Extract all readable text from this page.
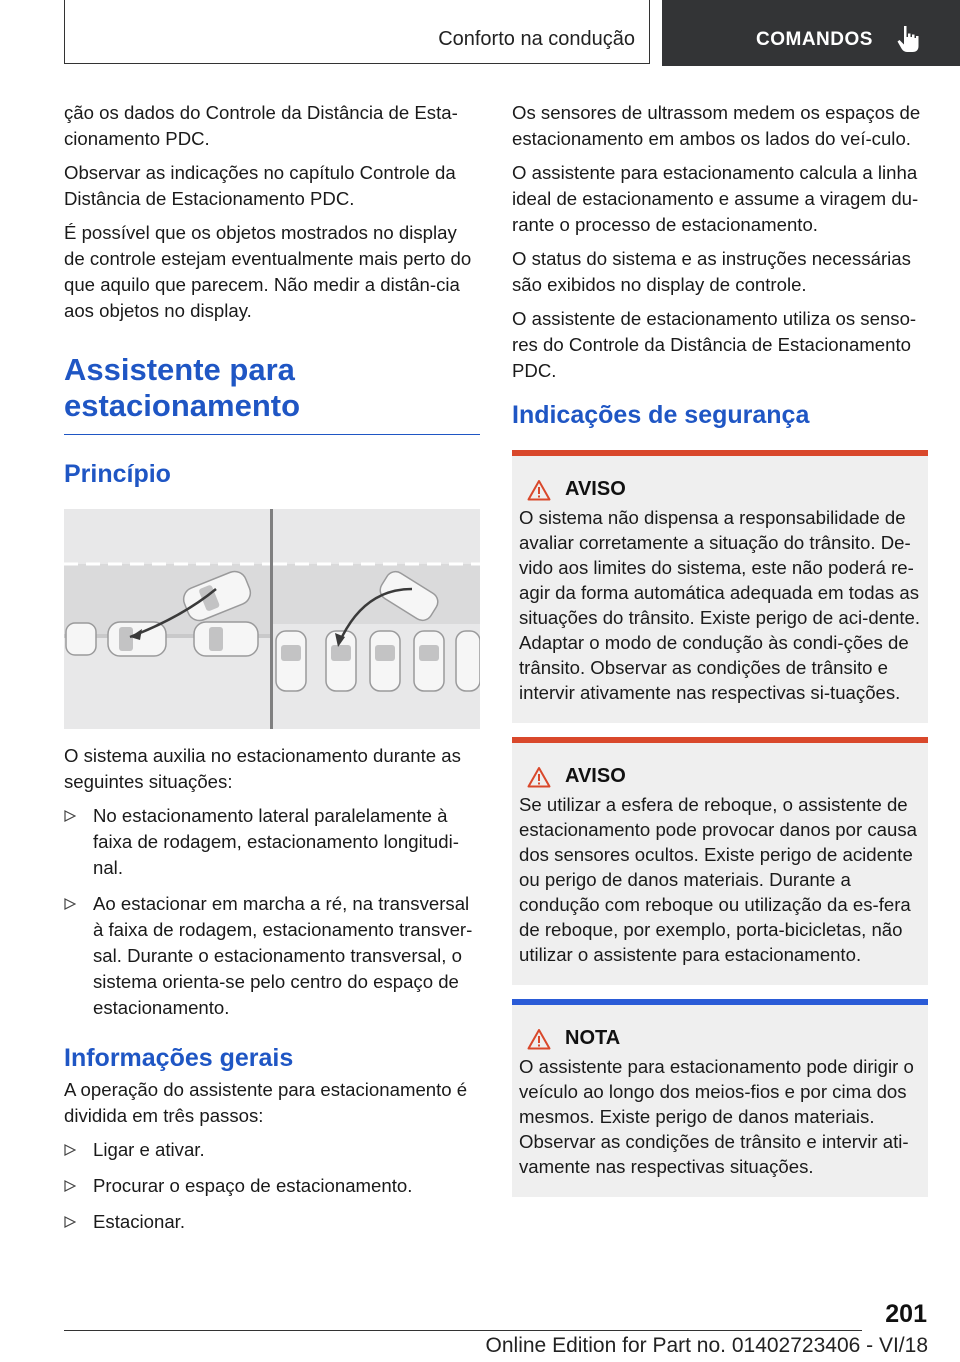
Conforto na condução	COMANDOS

ção os dados do Controle da Distância de Esta‐cionamento PDC.

Observar as indicações no capítulo Controle da Distância de Estacionamento PDC.

É possível que os objetos mostrados no display de controle estejam eventualmente mais perto do que aquilo que parecem. Não medir a distân‐cia aos objetos no display.

Assistente para estacionamento
Princípio

O sistema auxilia no estacionamento durante as seguintes situações:

No estacionamento lateral paralelamente à faixa de rodagem, estacionamento longitudi‐nal.
Ao estacionar em marcha a ré, na transversal à faixa de rodagem, estacionamento transver‐sal. Durante o estacionamento transversal, o sistema orienta-se pelo centro do espaço de estacionamento.
Informações gerais

A operação do assistente para estacionamento é dividida em três passos:

Ligar e ativar.
Procurar o espaço de estacionamento.
Estacionar.

Os sensores de ultrassom medem os espaços de estacionamento em ambos os lados do veí‐culo.

O assistente para estacionamento calcula a linha ideal de estacionamento e assume a viragem du‐rante o processo de estacionamento.

O status do sistema e as instruções necessárias são exibidos no display de controle.

O assistente de estacionamento utiliza os senso‐res do Controle da Distância de Estacionamento PDC.

Indicações de segurança
AVISO

O sistema não dispensa a responsabilidade de avaliar corretamente a situação do trânsito. De‐vido aos limites do sistema, este não poderá re‐agir da forma automática adequada em todas as situações do trânsito. Existe perigo de aci‐dente. Adaptar o modo de condução às condi‐ções de trânsito. Observar as condições de trânsito e intervir ativamente nas respectivas si‐tuações.

AVISO

Se utilizar a esfera de reboque, o assistente de estacionamento pode provocar danos por causa dos sensores ocultos. Existe perigo de acidente ou perigo de danos materiais. Durante a condução com reboque ou utilização da es‐fera de reboque, por exemplo, porta-bicicletas, não utilizar o assistente para estacionamento.

NOTA

O assistente para estacionamento pode dirigir o veículo ao longo dos meios-fios e por cima dos mesmos. Existe perigo de danos materiais. Observar as condições de trânsito e intervir ati‐vamente nas respectivas situações.

201
Online Edition for Part no. 01402723406 - VI/18
